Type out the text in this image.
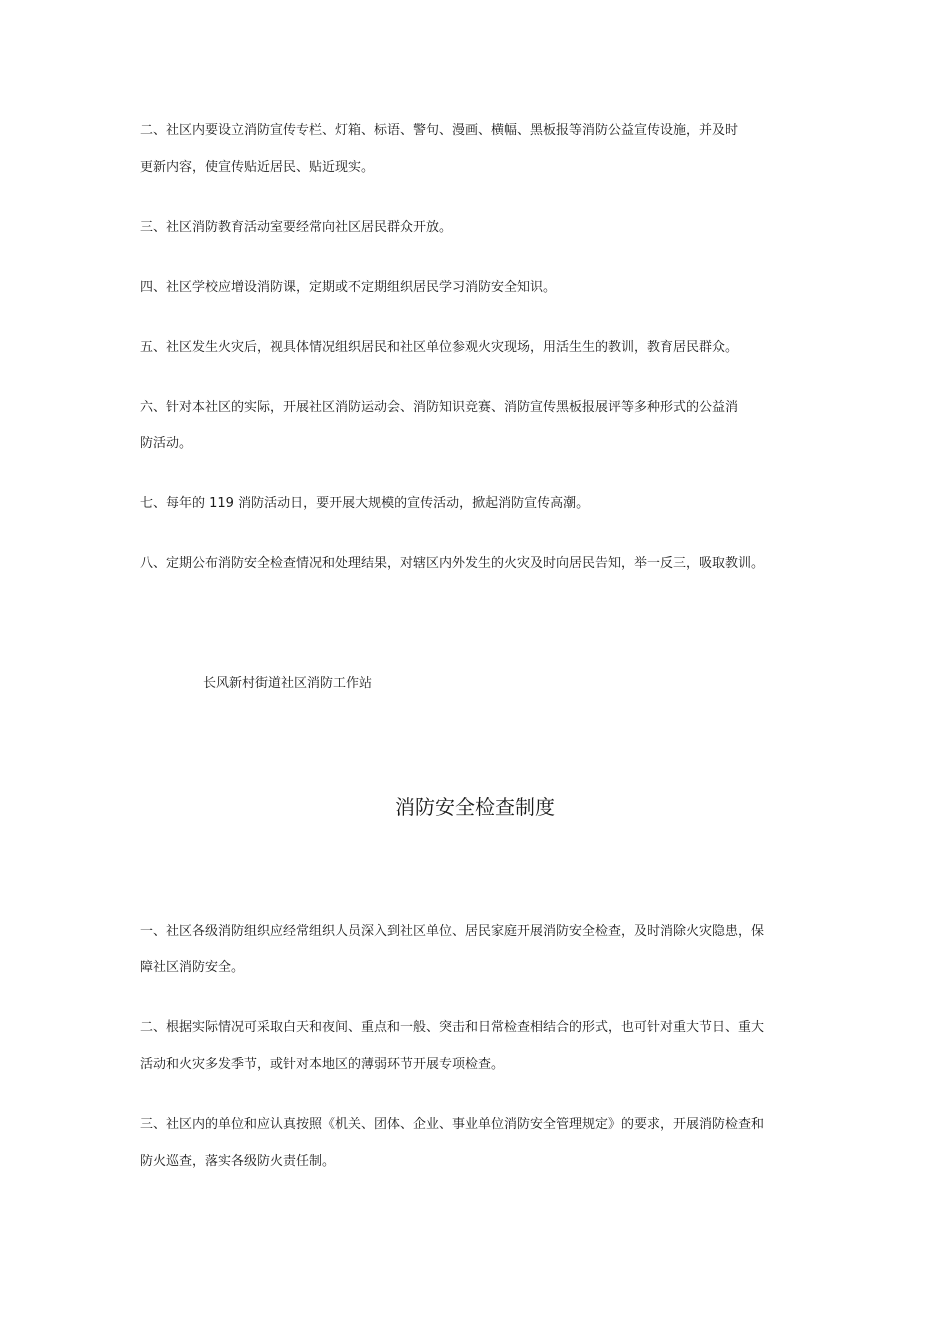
二、社区内要设立消防宣传专栏、灯箱、标语、警句、漫画、横幅、黑板报等消防公益宣传设施，并及时

更新内容，使宣传贴近居民、贴近现实。

三、社区消防教育活动室要经常向社区居民群众开放。

四、社区学校应增设消防课，定期或不定期组织居民学习消防安全知识。

五、社区发生火灾后，视具体情况组织居民和社区单位参观火灾现场，用活生生的教训，教育居民群众。

六、针对本社区的实际，开展社区消防运动会、消防知识竞赛、消防宣传黑板报展评等多种形式的公益消

防活动。

七、每年的 119 消防活动日，要开展大规模的宣传活动，掀起消防宣传高潮。

八、定期公布消防安全检查情况和处理结果，对辖区内外发生的火灾及时向居民告知，举一反三，吸取教训。

长风新村街道社区消防工作站

消防安全检查制度

一、社区各级消防组织应经常组织人员深入到社区单位、居民家庭开展消防安全检查，及时消除火灾隐患，保

障社区消防安全。

二、根据实际情况可采取白天和夜间、重点和一般、突击和日常检查相结合的形式，也可针对重大节日、重大

活动和火灾多发季节，或针对本地区的薄弱环节开展专项检查。

三、社区内的单位和应认真按照《机关、团体、企业、事业单位消防安全管理规定》的要求，开展消防检查和

防火巡查，落实各级防火责任制。
